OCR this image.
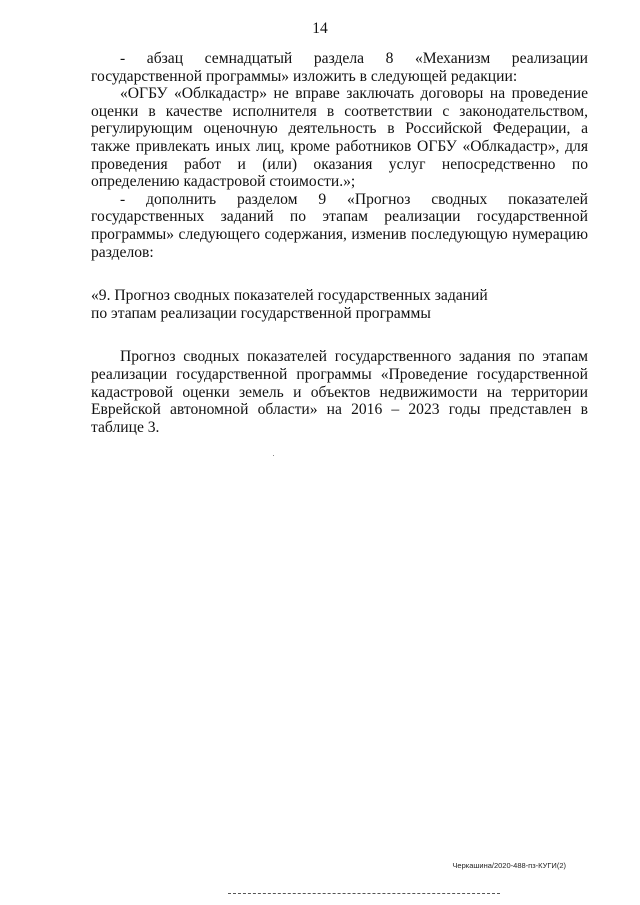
14

- абзац семнадцатый раздела 8 «Механизм реализации государственной программы» изложить в следующей редакции:

«ОГБУ «Облкадастр» не вправе заключать договоры на проведение оценки в качестве исполнителя в соответствии с законодательством, регулирующим оценочную деятельность в Российской Федерации, а также привлекать иных лиц, кроме работников ОГБУ «Облкадастр», для проведения работ и (или) оказания услуг непосредственно по определению кадастровой стоимости.»;

- дополнить разделом 9 «Прогноз сводных показателей государственных заданий по этапам реализации государственной программы» следующего содержания, изменив последующую нумерацию разделов:

«9. Прогноз сводных показателей государственных заданий
по этапам реализации государственной программы

Прогноз сводных показателей государственного задания по этапам реализации государственной программы «Проведение государственной кадастровой оценки земель и объектов недвижимости на территории Еврейской автономной области» на 2016 – 2023 годы представлен в таблице 3.

Черкашина/2020-488-пз-КУГИ(2)
